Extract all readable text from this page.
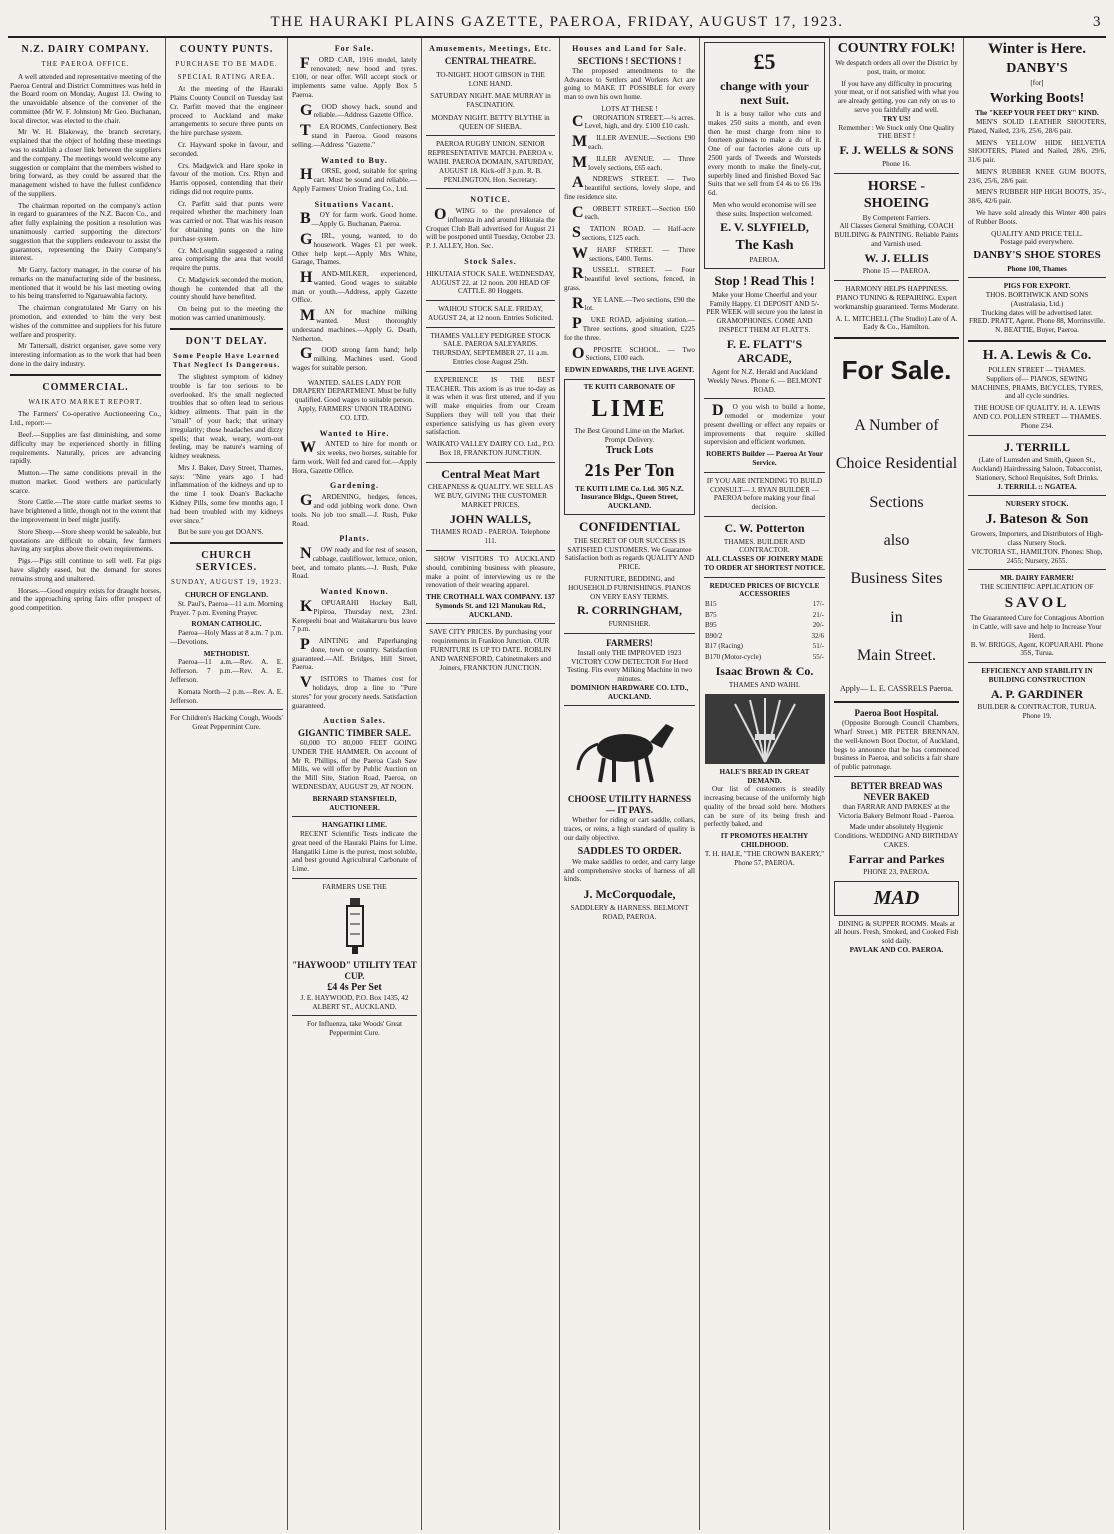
THE HAURAKI PLAINS GAZETTE, PAEROA, FRIDAY, AUGUST 17, 1923.	3
N.Z. DAIRY COMPANY.
THE PAEROA OFFICE.

A well attended and representative meeting of the Paeroa Central and District Committees was held in the Board room on Monday, August 13. Owing to the unavoidable absence of the convener of the committee (Mr W. F. Johnston) Mr Geo. Buchanan, local director, was elected to the chair.

Mr W. H. Blakeway, the branch secretary, explained that the object of holding these meetings was to establish a closer link between the suppliers and the company. The meetings would welcome any suggestion or complaint that the members wished to bring forward, as they could be assured that the management wished to have the fullest confidence of the suppliers.

The chairman reported on the company's action in regard to guarantees of the N.Z. Bacon Co., and after fully explaining the position a resolution was unanimously carried supporting the directors' suggestion that the suppliers endeavour to assist the guarantors, representing the Dairy Company's interest.

Mr Garry, factory manager, in the course of his remarks on the manufacturing side of the business, mentioned that it would be his last meeting owing to his being transferred to Ngaruawahia factory.

The chairman congratulated Mr Garry on his promotion, and extended to him the very best wishes of the committee and suppliers for his future welfare and prosperity.

Mr Tattersall, district organiser, gave some very interesting information as to the work that had been done in the dairy industry.

COMMERCIAL.
WAIKATO MARKET REPORT.

The Farmers' Co-operative Auctioneering Co., Ltd., report:—

Beef.—Supplies are fast diminishing, and some difficulty may be experienced shortly in filling requirements. Naturally, prices are advancing rapidly.

Mutton.—The same conditions prevail in the mutton market. Good wethers are particularly scarce.

Store Cattle.—The store cattle market seems to have brightened a little, though not to the extent that the improvement in beef might justify.

Store Sheep.—Store sheep would be saleable, but quotations are difficult to obtain, few farmers having any surplus above their own requirements.

Pigs.—Pigs still continue to sell well. Fat pigs have slightly eased, but the demand for stores remains strong and unaltered.

Horses.—Good enquiry exists for draught horses, and the approaching spring fairs offer prospect of good competition.

COUNTY PUNTS.
PURCHASE TO BE MADE.
SPECIAL RATING AREA.

At the meeting of the Hauraki Plains County Council on Tuesday last Cr. Parfitt moved that the engineer proceed to Auckland and make arrangements to secure three punts on the hire purchase system.

Cr. Hayward spoke in favour, and seconded.

Crs. Madgwick and Hare spoke in favour of the motion. Crs. Rhyn and Harris opposed, contending that their ridings did not require punts.

Cr. Parfitt said that punts were required whether the machinery loan was carried or not. That was his reason for obtaining punts on the hire purchase system.

Cr. McLoughlin suggested a rating area comprising the area that would require the punts.

Cr. Madgwick seconded the motion, though he contended that all the county should have benefited.

On being put to the meeting the motion was carried unanimously.

DON'T DELAY.
Some People Have Learned That Neglect Is Dangerous.

The slightest symptom of kidney trouble is far too serious to be overlooked. It's the small neglected troubles that so often lead to serious kidney ailments. That pain in the "small" of your back; that urinary irregularity; those headaches and dizzy spells; that weak, weary, worn-out feeling, may be nature's warning of kidney weakness.

Mrs J. Baker, Davy Street, Thames, says: "Nine years ago I had inflammation of the kidneys and up to the time I took Doan's Backache Kidney Pills, some few months ago, I had been troubled with my kidneys ever since."

But be sure you get DOAN'S.

CHURCH SERVICES.
SUNDAY, AUGUST 19, 1923.
CHURCH OF ENGLAND.

St. Paul's, Paeroa—11 a.m. Morning Prayer. 7 p.m. Evening Prayer.

ROMAN CATHOLIC.

Paeroa—Holy Mass at 8 a.m. 7 p.m.—Devotions.

METHODIST.

Paeroa—11 a.m.—Rev. A. E. Jefferson. 7 p.m.—Rev. A. E. Jefferson.

Komata North—2 p.m.—Rev. A. E. Jefferson.

For Children's Hacking Cough, Woods' Great Peppermint Cure.
For Sale.

FORD CAR, 1916 model, lately renovated; new hood and tyres. £100, or near offer. Will accept stock or implements same value. Apply Box 5 Paeroa.

GOOD showy hack, sound and reliable.—Address Gazette Office.

TEA ROOMS, Confectionery. Best stand in Paeroa. Good reasons selling.—Address "Gazette."

Wanted to Buy.

HORSE, good, suitable for spring cart. Must be sound and reliable.—Apply Farmers' Union Trading Co., Ltd.

Situations Vacant.

BOY for farm work. Good home.—Apply G. Buchanan, Paeroa.

GIRL, young, wanted, to do housework. Wages £1 per week. Other help kept.—Apply Mrs White, Garage, Thames.

HAND-MILKER, experienced, wanted. Good wages to suitable man or youth.—Address, apply Gazette Office.

MAN for machine milking wanted. Must thoroughly understand machines.—Apply G. Death, Netherton.

GOOD strong farm hand; help milking. Machines used. Good wages for suitable person.

WANTED. SALES LADY FOR DRAPERY DEPARTMENT. Must be fully qualified. Good wages to suitable person. Apply, FARMERS' UNION TRADING CO. LTD.
Wanted to Hire.

WANTED to hire for month or six weeks, two horses, suitable for farm work. Well fed and cared for.—Apply Hora, Gazette Office.

Gardening.

GARDENING, hedges, fences, and odd jobbing work done. Own tools. No job too small.—J. Rush, Puke Road.

Plants.

NOW ready and for rest of season, cabbage, cauliflower, lettuce, onion, beet, and tomato plants.—J. Rush, Puke Road.

Wanted Known.

KOPUARAHI Hockey Ball, Pipiroa, Thursday next, 23rd. Kerepeehi boat and Waitakaruru bus leave 7 p.m.

PAINTING and Paperhanging done, town or country. Satisfaction guaranteed.—Alf. Bridges, Hill Street, Paeroa.

VISITORS to Thames cost for holidays, drop a line to "Pure stores" for your grocery needs. Satisfaction guaranteed.

Auction Sales.
GIGANTIC TIMBER SALE.

60,000 TO 80,000 FEET GOING UNDER THE HAMMER. On account of Mr R. Phillips, of the Paeroa Cash Saw Mills, we will offer by Public Auction on the Mill Site, Station Road, Paeroa, on WEDNESDAY, AUGUST 29, AT NOON.

BERNARD STANSFIELD, AUCTIONEER.
HANGATIKI LIME.

RECENT Scientific Tests indicate the great need of the Hauraki Plains for Lime. Hangatiki Lime is the purest, most soluble, and best ground Agricultural Carbonate of Lime.

FARMERS USE THE
"HAYWOOD" UTILITY TEAT CUP.
£4 4s Per Set
J. E. HAYWOOD, P.O. Box 1435, 42 ALBERT ST., AUCKLAND.
For Influenza, take Woods' Great Peppermint Cure.
Amusements, Meetings, Etc.
CENTRAL THEATRE.
TO-NIGHT. HOOT GIBSON in THE LONE HAND.
SATURDAY NIGHT. MAE MURRAY in FASCINATION.
MONDAY NIGHT. BETTY BLYTHE in QUEEN OF SHEBA.
PAEROA RUGBY UNION. SENIOR REPRESENTATIVE MATCH. PAEROA v. WAIHI. PAEROA DOMAIN, SATURDAY, AUGUST 18. Kick-off 3 p.m. R. B. PENLINGTON, Hon. Secretary.
NOTICE.

OWING to the prevalence of influenza in and around Hikutaia the Croquet Club Ball advertised for August 21 will be postponed until Tuesday, October 23. P. J. ALLEY, Hon. Sec.

Stock Sales.
HIKUTAIA STOCK SALE. WEDNESDAY, AUGUST 22, at 12 noon. 200 HEAD OF CATTLE. 80 Hoggets.
WAIHOU STOCK SALE. FRIDAY, AUGUST 24, at 12 noon. Entries Solicited.
THAMES VALLEY PEDIGREE STOCK SALE. PAEROA SALEYARDS. THURSDAY, SEPTEMBER 27, 11 a.m. Entries close August 25th.

EXPERIENCE IS THE BEST TEACHER. This axiom is as true to-day as it was when it was first uttered, and if you will make enquiries from our Cream Suppliers they will tell you that their experience satisfying us has given every satisfaction.

WAIKATO VALLEY DAIRY CO. Ltd., P.O. Box 18, FRANKTON JUNCTION.
Central Meat Mart
CHEAPNESS & QUALITY. WE SELL AS WE BUY, GIVING THE CUSTOMER MARKET PRICES.
JOHN WALLS,
THAMES ROAD - PAEROA. Telephone 111.

SHOW VISITORS TO AUCKLAND should, combining business with pleasure, make a point of interviewing us re the renovation of their wearing apparel.

THE CROTHALL WAX COMPANY. 137 Symonds St. and 121 Manukau Rd., AUCKLAND.
SAVE CITY PRICES. By purchasing your requirements in Frankton Junction. OUR FURNITURE IS UP TO DATE. ROBLIN AND WARNEFORD, Cabinetmakers and Joiners, FRANKTON JUNCTION.
Houses and Land for Sale.
SECTIONS ! SECTIONS !

The proposed amendments to the Advances to Settlers and Workers Act are going to MAKE IT POSSIBLE for every man to own his own home.

LOTS AT THESE !

CORONATION STREET.—¼ acres. Level, high, and dry. £100 £10 cash.

MILLER AVENUE.—Sections £90 each.

MILLER AVENUE. — Three lovely sections, £65 each.

ANDREWS STREET. — Two beautiful sections, lovely slope, and fine residence site.

CORBETT STREET.—Section £60 each.

STATION ROAD. — Half-acre sections, £125 each.

WHARF STREET. — Three sections, £400. Terms.

RUSSELL STREET. — Four beautiful level sections, fenced, in grass.

RYE LANE.—Two sections, £90 the lot.

PUKE ROAD, adjoining station.—Three sections, good situation, £225 for the three.

OPPOSITE SCHOOL. — Two Sections, £100 each.

EDWIN EDWARDS, THE LIVE AGENT.
TE KUITI CARBONATE OF
LIME
The Best Ground Lime on the Market. Prompt Delivery.
Truck Lots
21s Per Ton
TE KUITI LIME Co. Ltd. 305 N.Z. Insurance Bldgs., Queen Street, AUCKLAND.
CONFIDENTIAL
THE SECRET OF OUR SUCCESS IS SATISFIED CUSTOMERS. We Guarantee Satisfaction both as regards QUALITY AND PRICE.
FURNITURE, BEDDING, and HOUSEHOLD FURNISHINGS. PIANOS ON VERY EASY TERMS.
R. CORRINGHAM,
FURNISHER.
FARMERS!
Install only THE IMPROVED 1923 VICTORY COW DETECTOR For Herd Testing. Fits every Milking Machine in two minutes.
DOMINION HARDWARE CO. LTD., AUCKLAND.
CHOOSE UTILITY HARNESS — IT PAYS.

Whether for riding or cart saddle, collars, traces, or reins, a high standard of quality is our daily objective.

SADDLES TO ORDER.

We make saddles to order, and carry large and comprehensive stocks of harness of all kinds.

J. McCorquodale,
SADDLERY & HARNESS. BELMONT ROAD, PAEROA.
£5
change with your next Suit.

It is a busy tailor who cuts and makes 250 suits a month, and even then he must charge from nine to fourteen guineas to make a do of it. One of our factories alone cuts up 2500 yards of Tweeds and Worsteds every month to make the finely-cut, superbly lined and finished Boxed Sac Suits that we sell from £4 4s to £6 19s 6d.

Men who would economise will see these suits. Inspection welcomed.
E. V. SLYFIELD,
The Kash
PAEROA.
Stop ! Read This !
Make your Home Cheerful and your Family Happy. £1 DEPOSIT AND 5/- PER WEEK will secure you the latest in GRAMOPHONES. COME AND INSPECT THEM AT FLATT'S.
F. E. FLATT'S ARCADE,
Agent for N.Z. Herald and Auckland Weekly News. Phone 6. — BELMONT ROAD.

DO you wish to build a home, remodel or modernize your present dwelling or effect any repairs or improvements that require skilled supervision and efficient workmen.

ROBERTS Builder — Paeroa At Your Service.
IF YOU ARE INTENDING TO BUILD CONSULT— J. RYAN BUILDER — PAEROA before making your final decision.
C. W. Potterton
THAMES. BUILDER AND CONTRACTOR.
ALL CLASSES OF JOINERY MADE TO ORDER AT SHORTEST NOTICE.
REDUCED PRICES OF BICYCLE ACCESSORIES
B15	17/-
B75	21/-
B95	20/-
B90/2	32/6
B17 (Racing)	51/-
B170 (Motor-cycle)	55/-
Isaac Brown & Co.
THAMES AND WAIHI.
HALE'S BREAD IN GREAT DEMAND.

Our list of customers is steadily increasing because of the uniformly high quality of the bread sold here. Mothers can be sure of its being fresh and perfectly baked, and

IT PROMOTES HEALTHY CHILDHOOD.
T. H. HALE, "THE CROWN BAKERY," Phone 57, PAEROA.
COUNTRY FOLK!
We despatch orders all over the District by post, train, or motor.
If you have any difficulty in procuring your meat, or if not satisfied with what you are already getting, you can rely on us to serve you faithfully and well.
TRY US!
Remember : We Stock only One Quality THE BEST !
F. J. WELLS & SONS
Phone 16.
HORSE - SHOEING
By Competent Farriers.
All Classes General Smithing. COACH BUILDING & PAINTING. Reliable Paints and Varnish used.
W. J. ELLIS
Phone 15 — PAEROA.
HARMONY HELPS HAPPINESS. PIANO TUNING & REPAIRING. Expert workmanship guaranteed. Terms Moderate.
A. L. MITCHELL (The Studio) Late of A. Eady & Co., Hamilton.
For Sale.
A Number of
Choice Residential
Sections
also
Business Sites
in
Main Street.
Apply— L. E. CASSRELS Paeroa.
Paeroa Boot Hospital.

(Opposite Borough Council Chambers, Wharf Street.) MR PETER BRENNAN, the well-known Boot Doctor, of Auckland, begs to announce that he has commenced business in Paeroa, and solicits a fair share of public patronage.

BETTER BREAD WAS NEVER BAKED
than FARRAR AND PARKES' at the Victoria Bakery Belmont Road - Paeroa.
Made under absolutely Hygienic Conditions. WEDDING AND BIRTHDAY CAKES.
Farrar and Parkes
PHONE 23, PAEROA.
MAD
DINING & SUPPER ROOMS. Meals at all hours. Fresh, Smoked, and Cooked Fish sold daily.
PAVLAK AND CO. PAEROA.
Winter is Here.
DANBY'S
[for]
Working Boots!
The "KEEP YOUR FEET DRY" KIND.

MEN'S SOLID LEATHER SHOOTERS, Plated, Nailed, 23/6, 25/6, 28/6 pair.

MEN'S YELLOW HIDE HELVETIA SHOOTERS, Plated and Nailed, 28/6, 29/6, 31/6 pair.

MEN'S RUBBER KNEE GUM BOOTS, 23/6, 25/6, 28/6 pair.

MEN'S RUBBER HIP HIGH BOOTS, 35/-, 38/6, 42/6 pair.

We have sold already this Winter 400 pairs of Rubber Boots.

QUALITY AND PRICE TELL.
Postage paid everywhere.
DANBY'S SHOE STORES
Phone 100, Thames
PIGS FOR EXPORT.
THOS. BORTHWICK AND SONS (Australasia, Ltd.)
Trucking dates will be advertised later.
FRED. PRATT, Agent. Phone 88, Morrinsville. N. BEATTIE, Buyer, Paeroa.
H. A. Lewis & Co.
POLLEN STREET — THAMES.
Suppliers of— PIANOS, SEWING MACHINES, PRAMS, BICYCLES, TYRES, and all cycle sundries.
THE HOUSE OF QUALITY. H. A. LEWIS AND CO. POLLEN STREET — THAMES. Phone 234.
J. TERRILL
(Late of Lumsden and Smith, Queen St., Auckland) Hairdressing Saloon, Tobacconist, Stationery, School Requisites, Soft Drinks.
J. TERRILL :: NGATEA.
NURSERY STOCK.
J. Bateson & Son
Growers, Importers, and Distributors of High-class Nursery Stock.
VICTORIA ST., HAMILTON. Phones: Shop, 2455; Nursery, 2655.
MR. DAIRY FARMER!
THE SCIENTIFIC APPLICATION OF
SAVOL
The Guaranteed Cure for Contagious Abortion in Cattle, will save and help to Increase Your Herd.
B. W. BRIGGS, Agent, KOPUARAHI. Phone 35S, Turua.
EFFICIENCY AND STABILITY IN BUILDING CONSTRUCTION
A. P. GARDINER
BUILDER & CONTRACTOR, TURUA.
Phone 19.
